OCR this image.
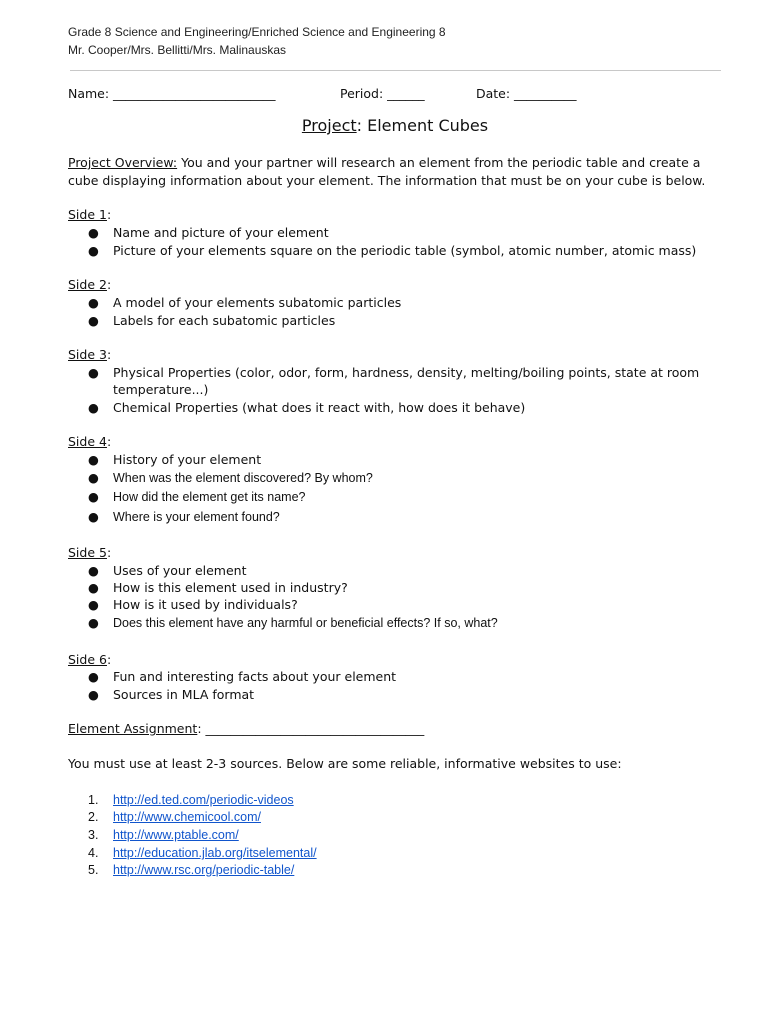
Grade 8 Science and Engineering/Enriched Science and Engineering 8
Mr. Cooper/Mrs. Bellitti/Mrs. Malinauskas
Name: __________________________	Period: ______	Date: __________
Project: Element Cubes
Project Overview: You and your partner will research an element from the periodic table and create a
cube displaying information about your element. The information that must be on your cube is below.
Side 1:
● Name and picture of your element
● Picture of your elements square on the periodic table (symbol, atomic number, atomic mass)
Side 2:
● A model of your elements subatomic particles
● Labels for each subatomic particles
Side 3:
● Physical Properties (color, odor, form, hardness, density, melting/boiling points, state at room
temperature...)
● Chemical Properties (what does it react with, how does it behave)
Side 4:
● History of your element
● When was the element discovered? By whom?
● How did the element get its name?
● Where is your element found?
Side 5:
● Uses of your element
● How is this element used in industry?
● How is it used by individuals?
● Does this element have any harmful or beneficial effects? If so, what?
Side 6:
● Fun and interesting facts about your element
● Sources in MLA format
Element Assignment: ___________________________________
You must use at least 2-3 sources. Below are some reliable, informative websites to use:
1. http://ed.ted.com/periodic-videos
2. http://www.chemicool.com/
3. http://www.ptable.com/
4. http://education.jlab.org/itselemental/
5. http://www.rsc.org/periodic-table/
